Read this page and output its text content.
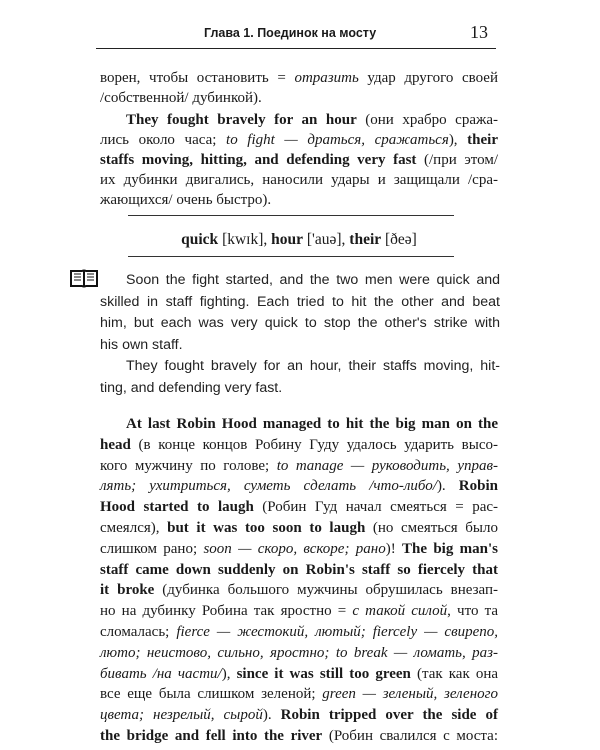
Глава 1. Поединок на мосту	13
ворен, чтобы остановить = отразить удар другого своей
/собственной/ дубинкой).
They fought bravely for an hour (они храбро сража-
лись около часа; to fight — драться, сражаться), their
staffs moving, hitting, and defending very fast (/при этом/
их дубинки двигались, наносили удары и защищали /сра-
жающихся/ очень быстро).
quick [kwɪk], hour ['auə], their [ðeə]
Soon the fight started, and the two men were quick and
skilled in staff fighting. Each tried to hit the other and beat
him, but each was very quick to stop the other's strike with
his own staff.
They fought bravely for an hour, their staffs moving, hit-
ting, and defending very fast.
At last Robin Hood managed to hit the big man on the
head (в конце концов Робину Гуду удалось ударить высо-
кого мужчину по голове; to manage — руководить, управ-
лять; ухитриться, суметь сделать /что-либо/). Robin
Hood started to laugh (Робин Гуд начал смеяться = рас-
смеялся), but it was too soon to laugh (но смеяться было
слишком рано; soon — скоро, вскоре; рано)! The big man's
staff came down suddenly on Robin's staff so fiercely that
it broke (дубинка большого мужчины обрушилась внезап-
но на дубинку Робина так яростно = с такой силой, что та
сломалась; fierce — жестокий, лютый; fiercely — свирепо,
лютo; неистово, сильно, яростно; to break — ломать, раз-
бивать /на части/), since it was still too green (так как она
все еще была слишком зеленой; green — зеленый, зеленого
цвета; незрелый, сырой). Robin tripped over the side of
the bridge and fell into the river (Робин свалился с моста:
